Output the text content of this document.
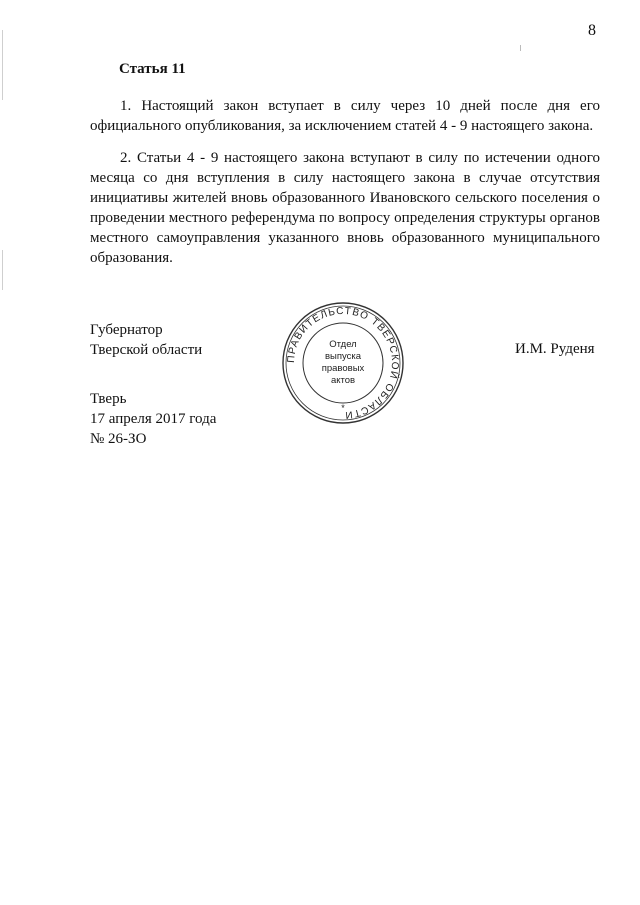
8
Статья 11

1. Настоящий закон вступает в силу через 10 дней после дня его официального опубликования, за исключением статей 4 - 9 настоящего закона.

2. Статьи 4 - 9 настоящего закона вступают в силу по истечении одного месяца со дня вступления в силу настоящего закона в случае отсутствия инициативы жителей вновь образованного Ивановского сельского поселения о проведении местного референдума по вопросу определения структуры органов местного самоуправления указанного вновь образованного муниципального образования.

Губернатор
Тверской области
ПРАВИТЕЛЬСТВО ТВЕРСКОЙ ОБЛАСТИ
*
Отдел
выпуска
правовых
актов
И.М. Руденя
Тверь
17 апреля 2017 года
№ 26-ЗО
